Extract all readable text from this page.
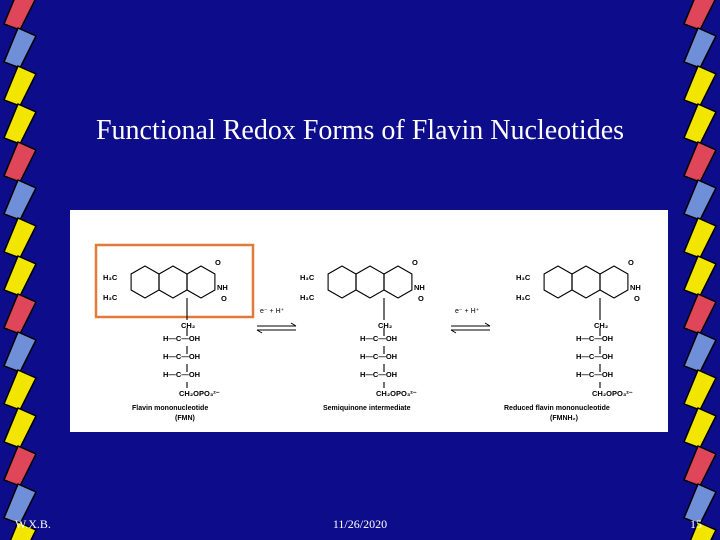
Functional Redox Forms of Flavin Nucleotides
H₃C
H₃C
O
NH
O
CH₂
H—C—OH
H—C—OH
H—C—OH
CH₂OPO₃²⁻
H₃C
H₃C
O
NH
O
CH₂
H—C—OH
H—C—OH
H—C—OH
CH₂OPO₃²⁻
H₃C
H₃C
O
NH
O
CH₂
H—C—OH
H—C—OH
H—C—OH
CH₂OPO₃²⁻
e⁻ + H⁺	e⁻ + H⁺
Flavin mononucleotide
(FMN)
Semiquinone intermediate	Reduced flavin mononucleotide
(FMNH₂)
W.X.B.	11/26/2020	15
